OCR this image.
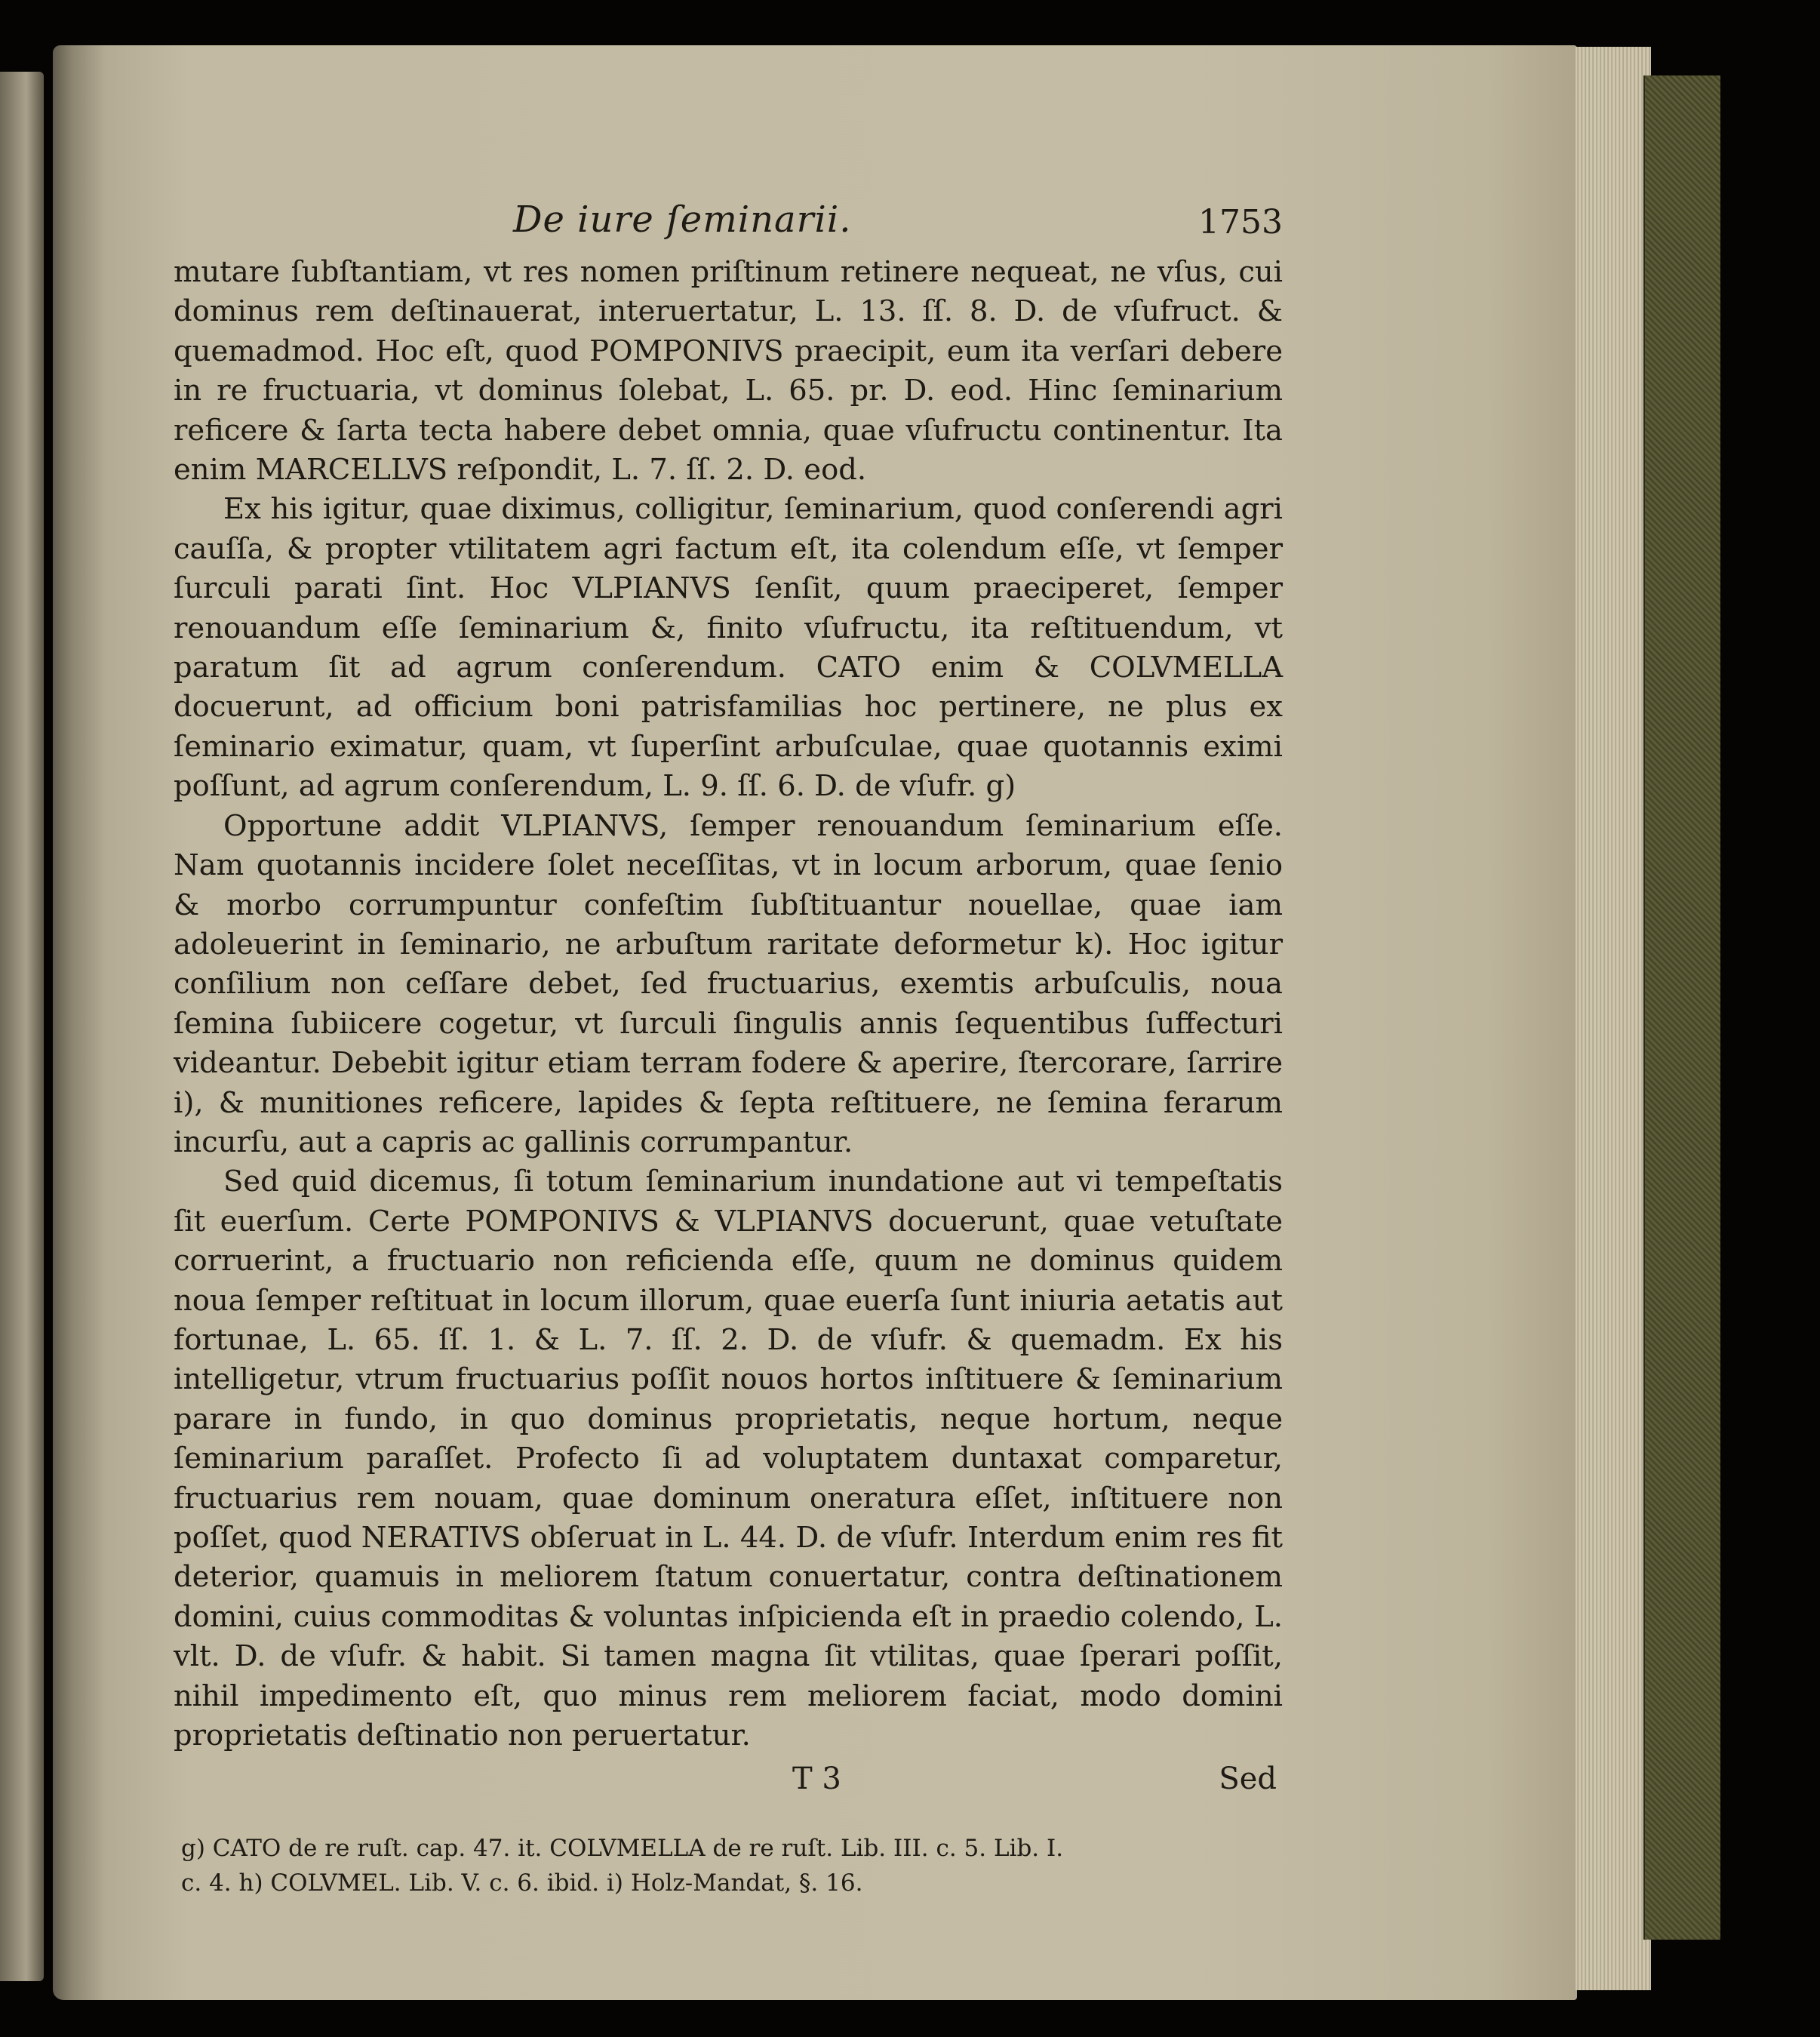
De iure ſeminarii.	1753

mutare ſubſtantiam, vt res nomen priſtinum retinere nequeat, ne vſus, cui dominus rem deſtinauerat, interuertatur, L. 13. ſſ. 8. D. de vſufruct. & quemadmod. Hoc eſt, quod POMPONIVS praecipit, eum ita verſari debere in re fructuaria, vt dominus ſolebat, L. 65. pr. D. eod. Hinc ſeminarium reficere & ſarta tecta habere debet omnia, quae vſufructu continentur. Ita enim MARCELLVS reſpondit, L. 7. ſſ. 2. D. eod.

Ex his igitur, quae diximus, colligitur, ſeminarium, quod conſerendi agri cauſſa, & propter vtilitatem agri factum eſt, ita colendum eſſe, vt ſemper ſurculi parati ſint. Hoc VLPIANVS ſenſit, quum praeciperet, ſemper renouandum eſſe ſeminarium &, finito vſufructu, ita reſtituendum, vt paratum ſit ad agrum conſerendum. CATO enim & COLVMELLA docuerunt, ad officium boni patrisfamilias hoc pertinere, ne plus ex ſeminario eximatur, quam, vt ſuperſint arbuſculae, quae quotannis eximi poſſunt, ad agrum conſerendum, L. 9. ſſ. 6. D. de vſufr. g)

Opportune addit VLPIANVS, ſemper renouandum ſeminarium eſſe. Nam quotannis incidere ſolet neceſſitas, vt in locum arborum, quae ſenio & morbo corrumpuntur confeſtim ſubſtituantur nouellae, quae iam adoleuerint in ſeminario, ne arbuſtum raritate deformetur k). Hoc igitur conſilium non ceſſare debet, ſed fructuarius, exemtis arbuſculis, noua ſemina ſubiicere cogetur, vt ſurculi ſingulis annis ſequentibus ſuffecturi videantur. Debebit igitur etiam terram fodere & aperire, ſtercorare, ſarrire i), & munitiones reficere, lapides & ſepta reſtituere, ne ſemina ferarum incurſu, aut a capris ac gallinis corrumpantur.

Sed quid dicemus, ſi totum ſeminarium inundatione aut vi tempeſtatis ſit euerſum. Certe POMPONIVS & VLPIANVS docuerunt, quae vetuſtate corruerint, a fructuario non reficienda eſſe, quum ne dominus quidem noua ſemper reſtituat in locum illorum, quae euerſa ſunt iniuria aetatis aut fortunae, L. 65. ſſ. 1. & L. 7. ſſ. 2. D. de vſufr. & quemadm. Ex his intelligetur, vtrum fructuarius poſſit nouos hortos inſtituere & ſeminarium parare in fundo, in quo dominus proprietatis, neque hortum, neque ſeminarium paraſſet. Profecto ſi ad voluptatem duntaxat comparetur, fructuarius rem nouam, quae dominum oneratura eſſet, inſtituere non poſſet, quod NERATIVS obſeruat in L. 44. D. de vſufr. Interdum enim res fit deterior, quamuis in meliorem ſtatum conuertatur, contra deſtinationem domini, cuius commoditas & voluntas inſpicienda eſt in praedio colendo, L. vlt. D. de vſufr. & habit. Si tamen magna ſit vtilitas, quae ſperari poſſit, nihil impedimento eſt, quo minus rem meliorem faciat, modo domini proprietatis deſtinatio non peruertatur.

T 3	Sed
g) CATO de re ruſt. cap. 47. it. COLVMELLA de re ruſt. Lib. III. c. 5. Lib. I.
c. 4. h) COLVMEL. Lib. V. c. 6. ibid. i) Holz-Mandat, §. 16.
